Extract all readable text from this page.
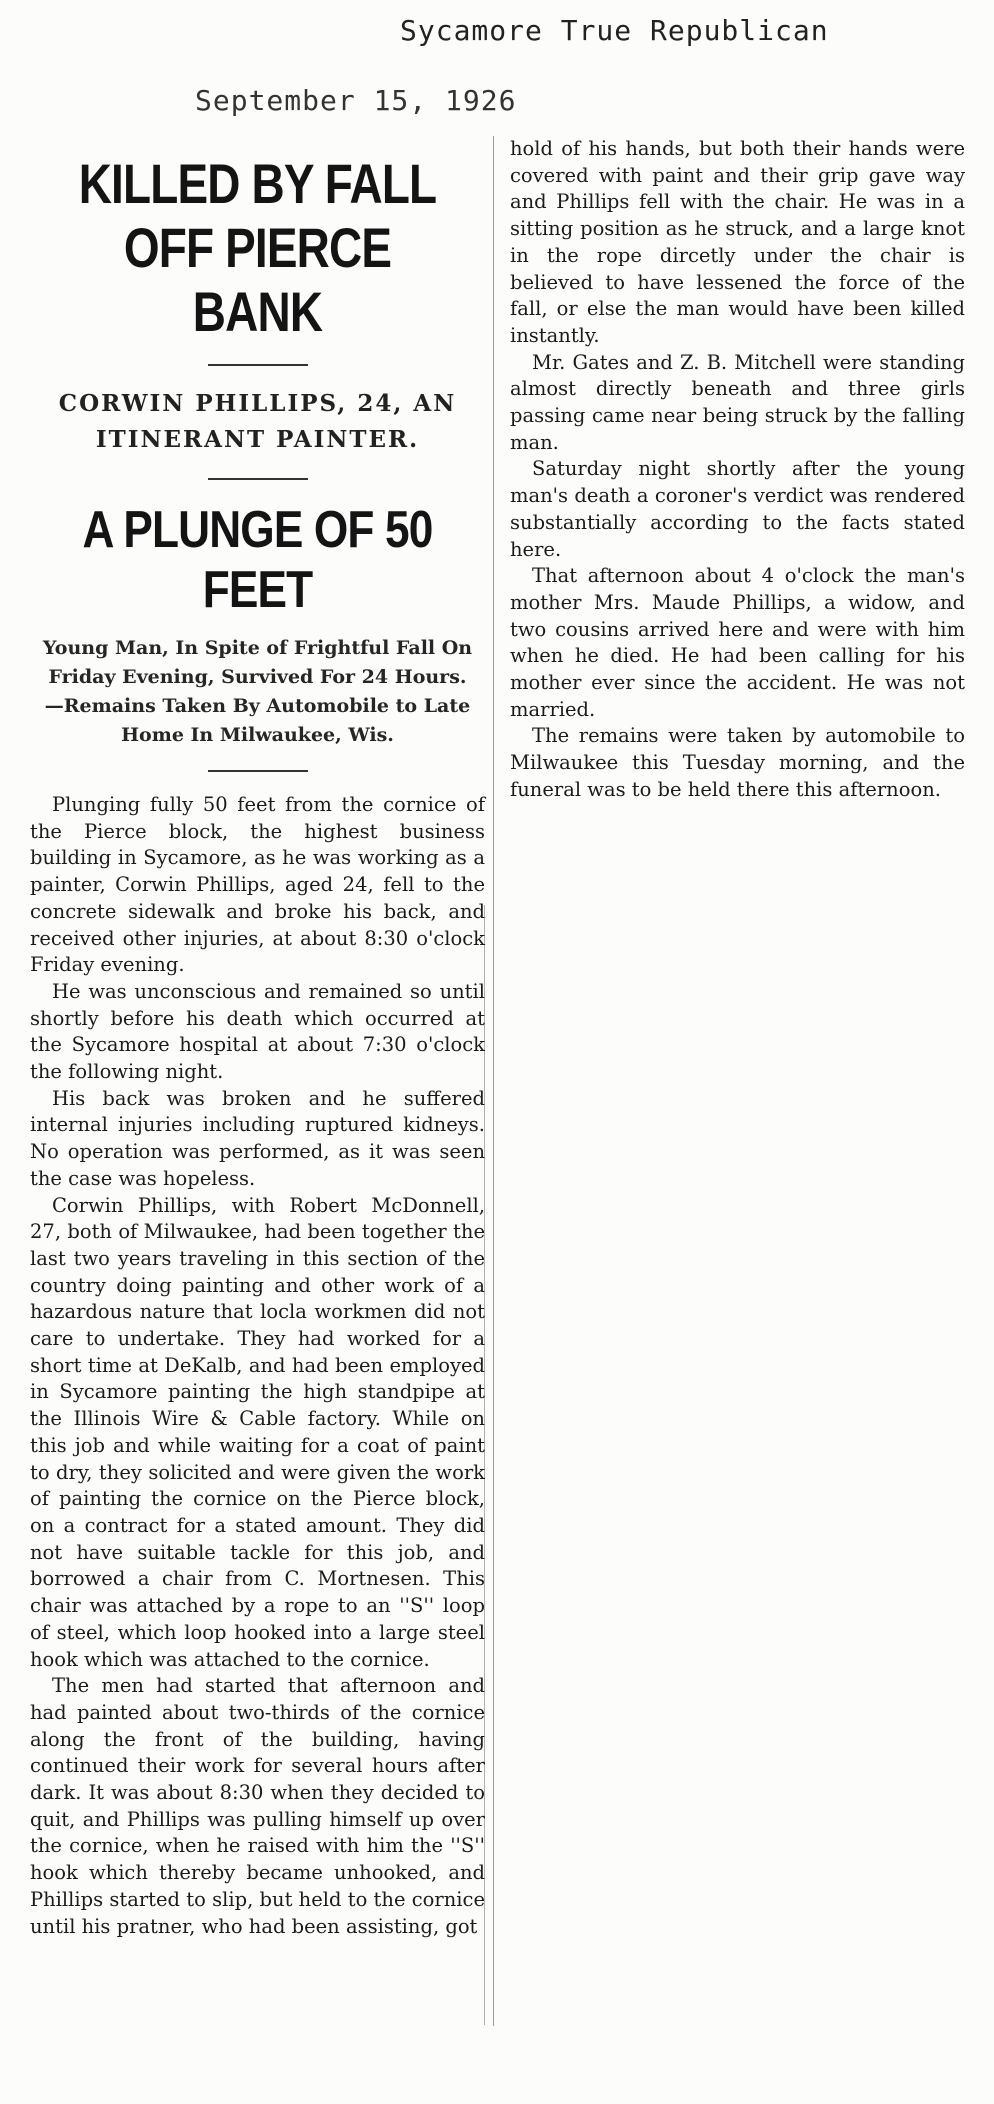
Sycamore True Republican
September 15, 1926
KILLED BY FALL OFF PIERCE BANK
CORWIN PHILLIPS, 24, AN ITINERANT PAINTER.
A PLUNGE OF 50 FEET
Young Man, In Spite of Frightful Fall On Friday Evening, Survived For 24 Hours.—Remains Taken By Automobile to Late Home In Milwaukee, Wis.

Plunging fully 50 feet from the cornice of the Pierce block, the highest business building in Sycamore, as he was working as a painter, Corwin Phillips, aged 24, fell to the concrete sidewalk and broke his back, and received other injuries, at about 8:30 o'clock Friday evening.

He was unconscious and remained so until shortly before his death which occurred at the Sycamore hospital at about 7:30 o'clock the following night.

His back was broken and he suffered internal injuries including ruptured kidneys. No operation was performed, as it was seen the case was hopeless.

Corwin Phillips, with Robert McDonnell, 27, both of Milwaukee, had been together the last two years traveling in this section of the country doing painting and other work of a hazardous nature that locla workmen did not care to undertake. They had worked for a short time at DeKalb, and had been employed in Sycamore painting the high standpipe at the Illinois Wire & Cable factory. While on this job and while waiting for a coat of paint to dry, they solicited and were given the work of painting the cornice on the Pierce block, on a contract for a stated amount. They did not have suitable tackle for this job, and borrowed a chair from C. Mortnesen. This chair was attached by a rope to an ''S'' loop of steel, which loop hooked into a large steel hook which was attached to the cornice.

The men had started that afternoon and had painted about two-thirds of the cornice along the front of the building, having continued their work for several hours after dark. It was about 8:30 when they decided to quit, and Phillips was pulling himself up over the cornice, when he raised with him the ''S'' hook which thereby became unhooked, and Phillips started to slip, but held to the cornice until his pratner, who had been assisting, got

hold of his hands, but both their hands were covered with paint and their grip gave way and Phillips fell with the chair. He was in a sitting position as he struck, and a large knot in the rope dircetly under the chair is believed to have lessened the force of the fall, or else the man would have been killed instantly.

Mr. Gates and Z. B. Mitchell were standing almost directly beneath and three girls passing came near being struck by the falling man.

Saturday night shortly after the young man's death a coroner's verdict was rendered substantially according to the facts stated here.

That afternoon about 4 o'clock the man's mother Mrs. Maude Phillips, a widow, and two cousins arrived here and were with him when he died. He had been calling for his mother ever since the accident. He was not married.

The remains were taken by automobile to Milwaukee this Tuesday morning, and the funeral was to be held there this afternoon.
